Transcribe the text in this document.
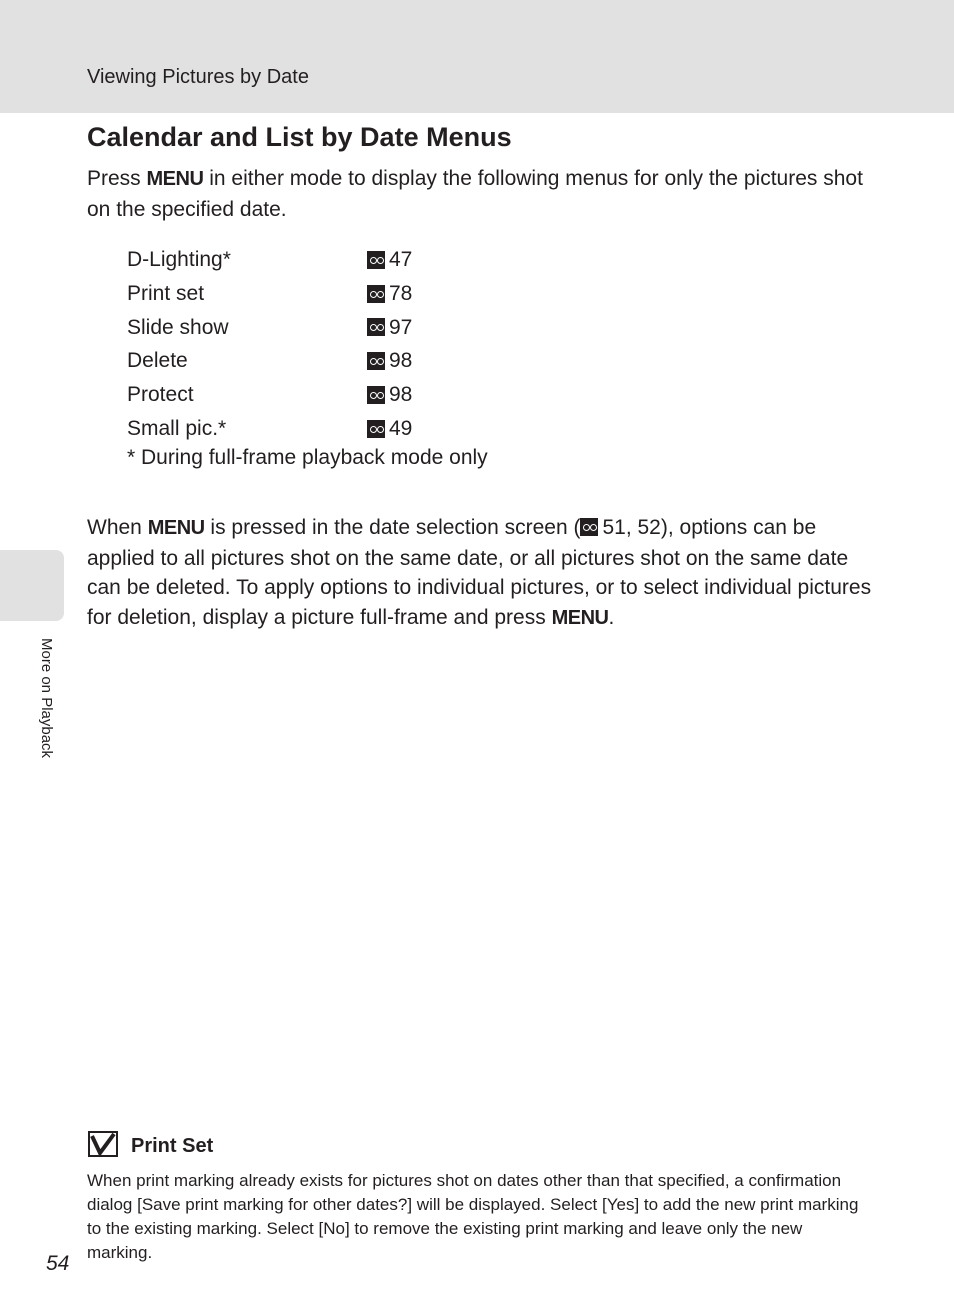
Viewing Pictures by Date
More on Playback
Calendar and List by Date Menus

Press MENU in either mode to display the following menus for only the pictures shot on the specified date.

D-Lighting*	47
Print set	78
Slide show	97
Delete	98
Protect	98
Small pic.*	49
* During full-frame playback mode only

When MENU is pressed in the date selection screen ( 51, 52), options can be applied to all pictures shot on the same date, or all pictures shot on the same date can be deleted. To apply options to individual pictures, or to select individual pictures for deletion, display a picture full-frame and press MENU.

Print Set

When print marking already exists for pictures shot on dates other than that specified, a confirmation dialog [Save print marking for other dates?] will be displayed. Select [Yes] to add the new print marking to the existing marking. Select [No] to remove the existing print marking and leave only the new marking.

54
